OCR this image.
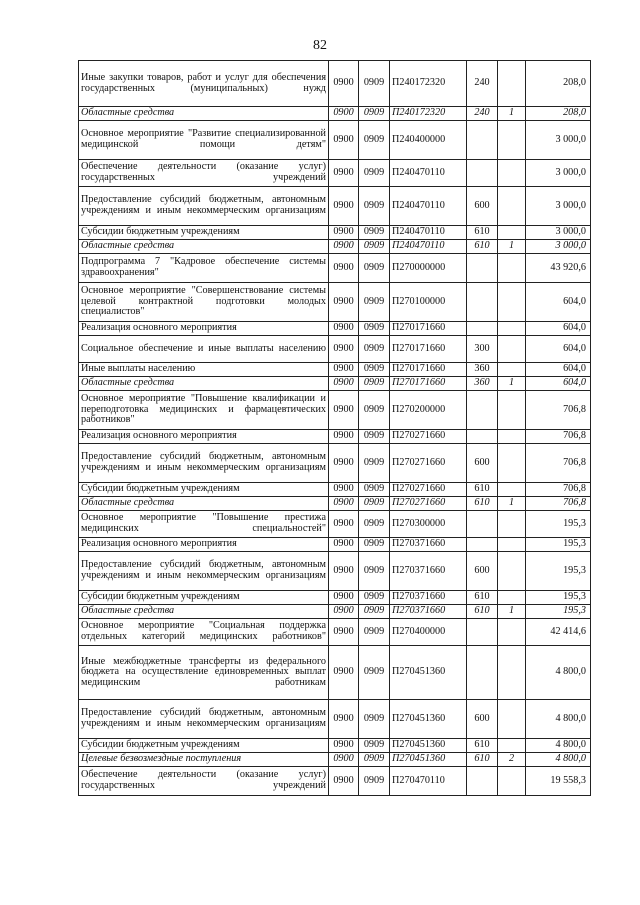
82
Иные закупки товаров, работ и услуг для обеспечения государственных (муниципальных) нужд	0900	0909	П240172320	240		208,0
Областные средства	0900	0909	П240172320	240	1	208,0
Основное мероприятие "Развитие специализированной медицинской помощи детям"	0900	0909	П240400000			3 000,0
Обеспечение деятельности (оказание услуг) государственных учреждений	0900	0909	П240470110			3 000,0
Предоставление субсидий бюджетным, автономным учреждениям и иным некоммерческим организациям	0900	0909	П240470110	600		3 000,0
Субсидии бюджетным учреждениям	0900	0909	П240470110	610		3 000,0
Областные средства	0900	0909	П240470110	610	1	3 000,0
Подпрограмма 7 "Кадровое обеспечение системы здравоохранения"	0900	0909	П270000000			43 920,6
Основное мероприятие "Совершенствование системы целевой контрактной подготовки молодых специалистов"	0900	0909	П270100000			604,0
Реализация основного мероприятия	0900	0909	П270171660			604,0
Социальное обеспечение и иные выплаты населению	0900	0909	П270171660	300		604,0
Иные выплаты населению	0900	0909	П270171660	360		604,0
Областные средства	0900	0909	П270171660	360	1	604,0
Основное мероприятие "Повышение квалификации и переподготовка медицинских и фармацевтических работников"	0900	0909	П270200000			706,8
Реализация основного мероприятия	0900	0909	П270271660			706,8
Предоставление субсидий бюджетным, автономным учреждениям и иным некоммерческим организациям	0900	0909	П270271660	600		706,8
Субсидии бюджетным учреждениям	0900	0909	П270271660	610		706,8
Областные средства	0900	0909	П270271660	610	1	706,8
Основное мероприятие "Повышение престижа медицинских специальностей"	0900	0909	П270300000			195,3
Реализация основного мероприятия	0900	0909	П270371660			195,3
Предоставление субсидий бюджетным, автономным учреждениям и иным некоммерческим организациям	0900	0909	П270371660	600		195,3
Субсидии бюджетным учреждениям	0900	0909	П270371660	610		195,3
Областные средства	0900	0909	П270371660	610	1	195,3
Основное мероприятие "Социальная поддержка отдельных категорий медицинских работников"	0900	0909	П270400000			42 414,6
Иные межбюджетные трансферты из федерального бюджета на осуществление единовременных выплат медицинским работникам	0900	0909	П270451360			4 800,0
Предоставление субсидий бюджетным, автономным учреждениям и иным некоммерческим организациям	0900	0909	П270451360	600		4 800,0
Субсидии бюджетным учреждениям	0900	0909	П270451360	610		4 800,0
Целевые безвозмездные поступления	0900	0909	П270451360	610	2	4 800,0
Обеспечение деятельности (оказание услуг) государственных учреждений	0900	0909	П270470110			19 558,3
